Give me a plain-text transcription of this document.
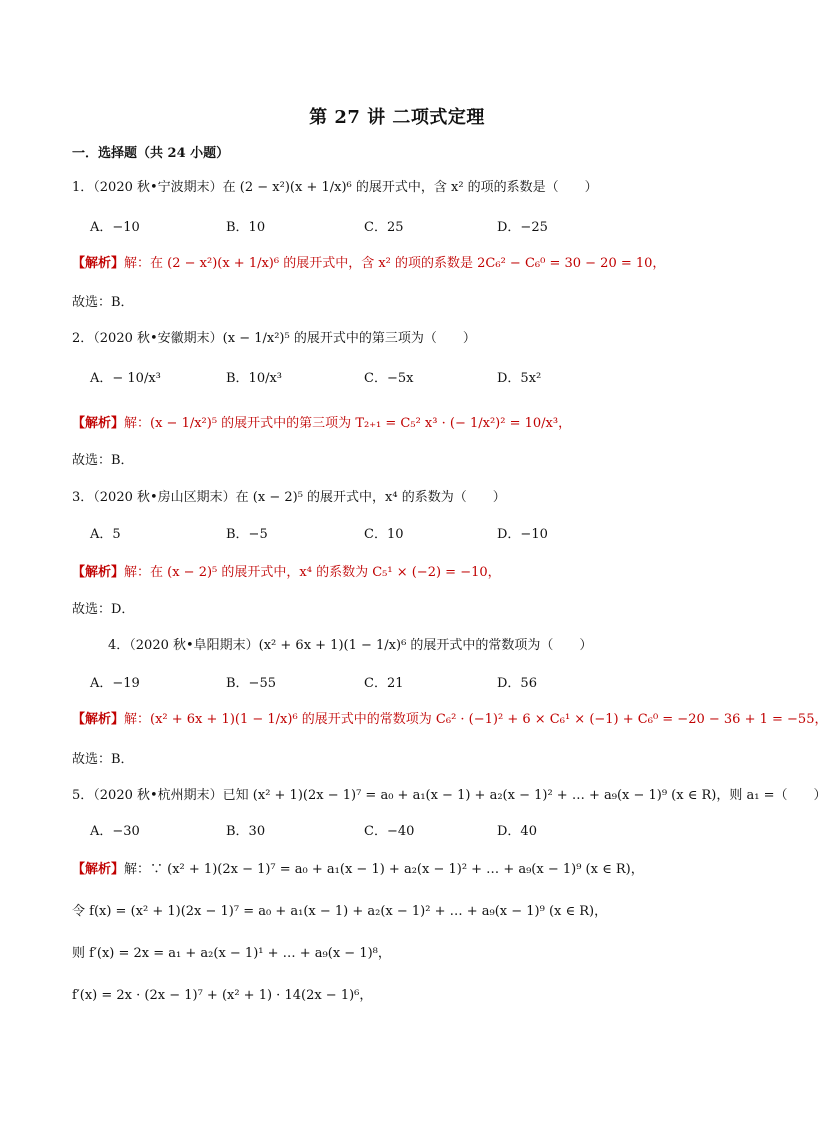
第 27 讲 二项式定理
一．选择题（共 24 小题）
1．（2020 秋•宁波期末）在 (2 − x²)(x + 1/x)⁶ 的展开式中，含 x² 的项的系数是（　　）
A．−10	B．10	C．25	D．−25
【解析】解：在 (2 − x²)(x + 1/x)⁶ 的展开式中，含 x² 的项的系数是 2C₆² − C₆⁰ = 30 − 20 = 10，
故选：B．
2．（2020 秋•安徽期末）(x − 1/x²)⁵ 的展开式中的第三项为（　　）
A．− 10/x³	B．10/x³	C．−5x	D．5x²
【解析】解：(x − 1/x²)⁵ 的展开式中的第三项为 T₂₊₁ = C₅² x³ · (− 1/x²)² = 10/x³，
故选：B．
3．（2020 秋•房山区期末）在 (x − 2)⁵ 的展开式中，x⁴ 的系数为（　　）
A．5	B．−5	C．10	D．−10
【解析】解：在 (x − 2)⁵ 的展开式中，x⁴ 的系数为 C₅¹ × (−2) = −10，
故选：D．
4．（2020 秋•阜阳期末）(x² + 6x + 1)(1 − 1/x)⁶ 的展开式中的常数项为（　　）
A．−19	B．−55	C．21	D．56
【解析】解：(x² + 6x + 1)(1 − 1/x)⁶ 的展开式中的常数项为 C₆² · (−1)² + 6 × C₆¹ × (−1) + C₆⁰ = −20 − 36 + 1 = −55，
故选：B．
5．（2020 秋•杭州期末）已知 (x² + 1)(2x − 1)⁷ = a₀ + a₁(x − 1) + a₂(x − 1)² + … + a₉(x − 1)⁹ (x ∈ R)，则 a₁ =（　　）
A．−30	B．30	C．−40	D．40
【解析】解：∵ (x² + 1)(2x − 1)⁷ = a₀ + a₁(x − 1) + a₂(x − 1)² + … + a₉(x − 1)⁹ (x ∈ R)，
令 f(x) = (x² + 1)(2x − 1)⁷ = a₀ + a₁(x − 1) + a₂(x − 1)² + … + a₉(x − 1)⁹ (x ∈ R)，
则 f′(x) = 2x = a₁ + a₂(x − 1)¹ + … + a₉(x − 1)⁸，
f′(x) = 2x · (2x − 1)⁷ + (x² + 1) · 14(2x − 1)⁶，
